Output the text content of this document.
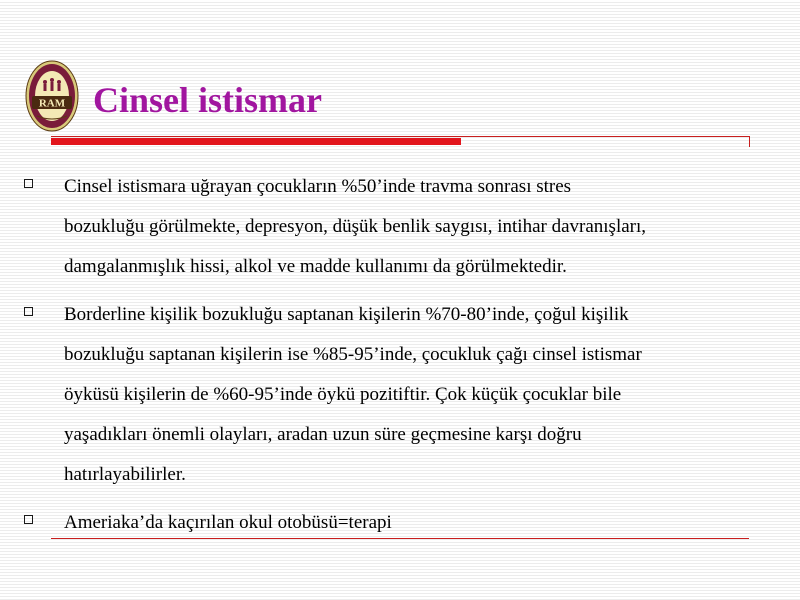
RAM Cinsel istismar
Cinsel istismara uğrayan çocukların %50’inde travma sonrası stres
bozukluğu görülmekte, depresyon, düşük benlik saygısı, intihar davranışları,
damgalanmışlık hissi, alkol ve madde kullanımı da görülmektedir.
Borderline kişilik bozukluğu saptanan kişilerin %70-80’inde, çoğul kişilik
bozukluğu saptanan kişilerin ise %85-95’inde, çocukluk çağı cinsel istismar
öyküsü kişilerin de %60-95’inde öykü pozitiftir. Çok küçük çocuklar bile
yaşadıkları önemli olayları, aradan uzun süre geçmesine karşı doğru
hatırlayabilirler.
Ameriaka’da kaçırılan okul otobüsü=terapi
